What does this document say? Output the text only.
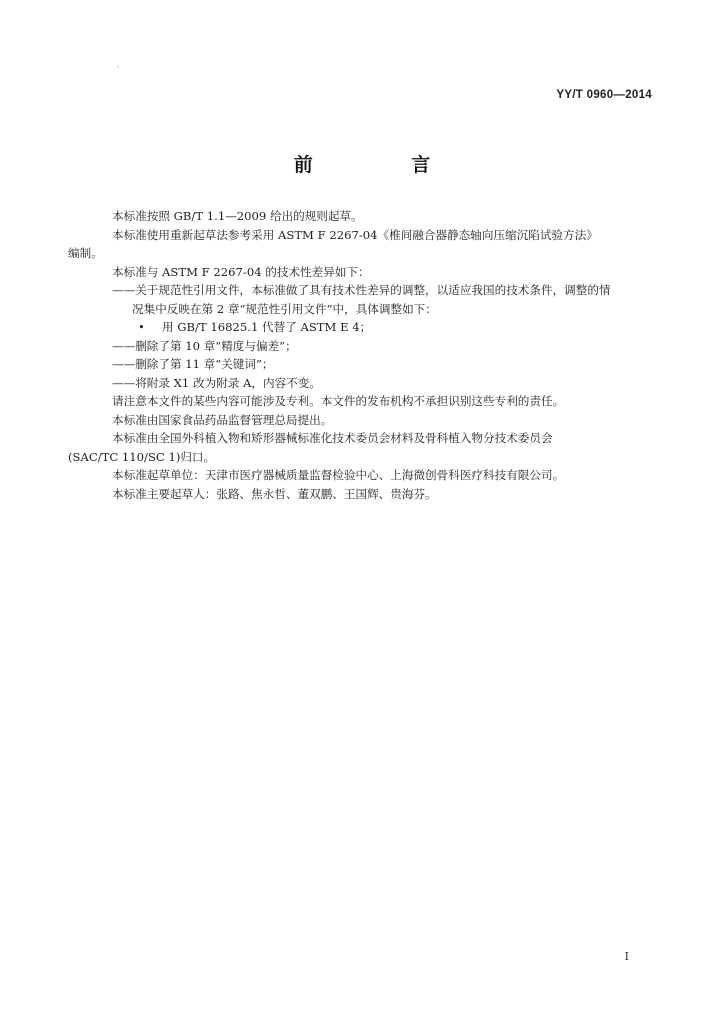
YY/T 0960—2014
前 言

本标准按照 GB/T 1.1—2009 给出的规则起草。

本标准使用重新起草法参考采用 ASTM F 2267-04《椎间融合器静态轴向压缩沉陷试验方法》

编制。

本标准与 ASTM F 2267-04 的技术性差异如下：

——关于规范性引用文件，本标准做了具有技术性差异的调整，以适应我国的技术条件，调整的情

况集中反映在第 2 章“规范性引用文件”中，具体调整如下：

• 用 GB/T 16825.1 代替了 ASTM E 4；

——删除了第 10 章“精度与偏差”；

——删除了第 11 章“关键词”；

——将附录 X1 改为附录 A，内容不变。

请注意本文件的某些内容可能涉及专利。本文件的发布机构不承担识别这些专利的责任。

本标准由国家食品药品监督管理总局提出。

本标准由全国外科植入物和矫形器械标准化技术委员会材料及骨科植入物分技术委员会

(SAC/TC 110/SC 1)归口。

本标准起草单位：天津市医疗器械质量监督检验中心、上海微创骨科医疗科技有限公司。

本标准主要起草人：张路、焦永哲、董双鹏、王国辉、贵海芬。

I
